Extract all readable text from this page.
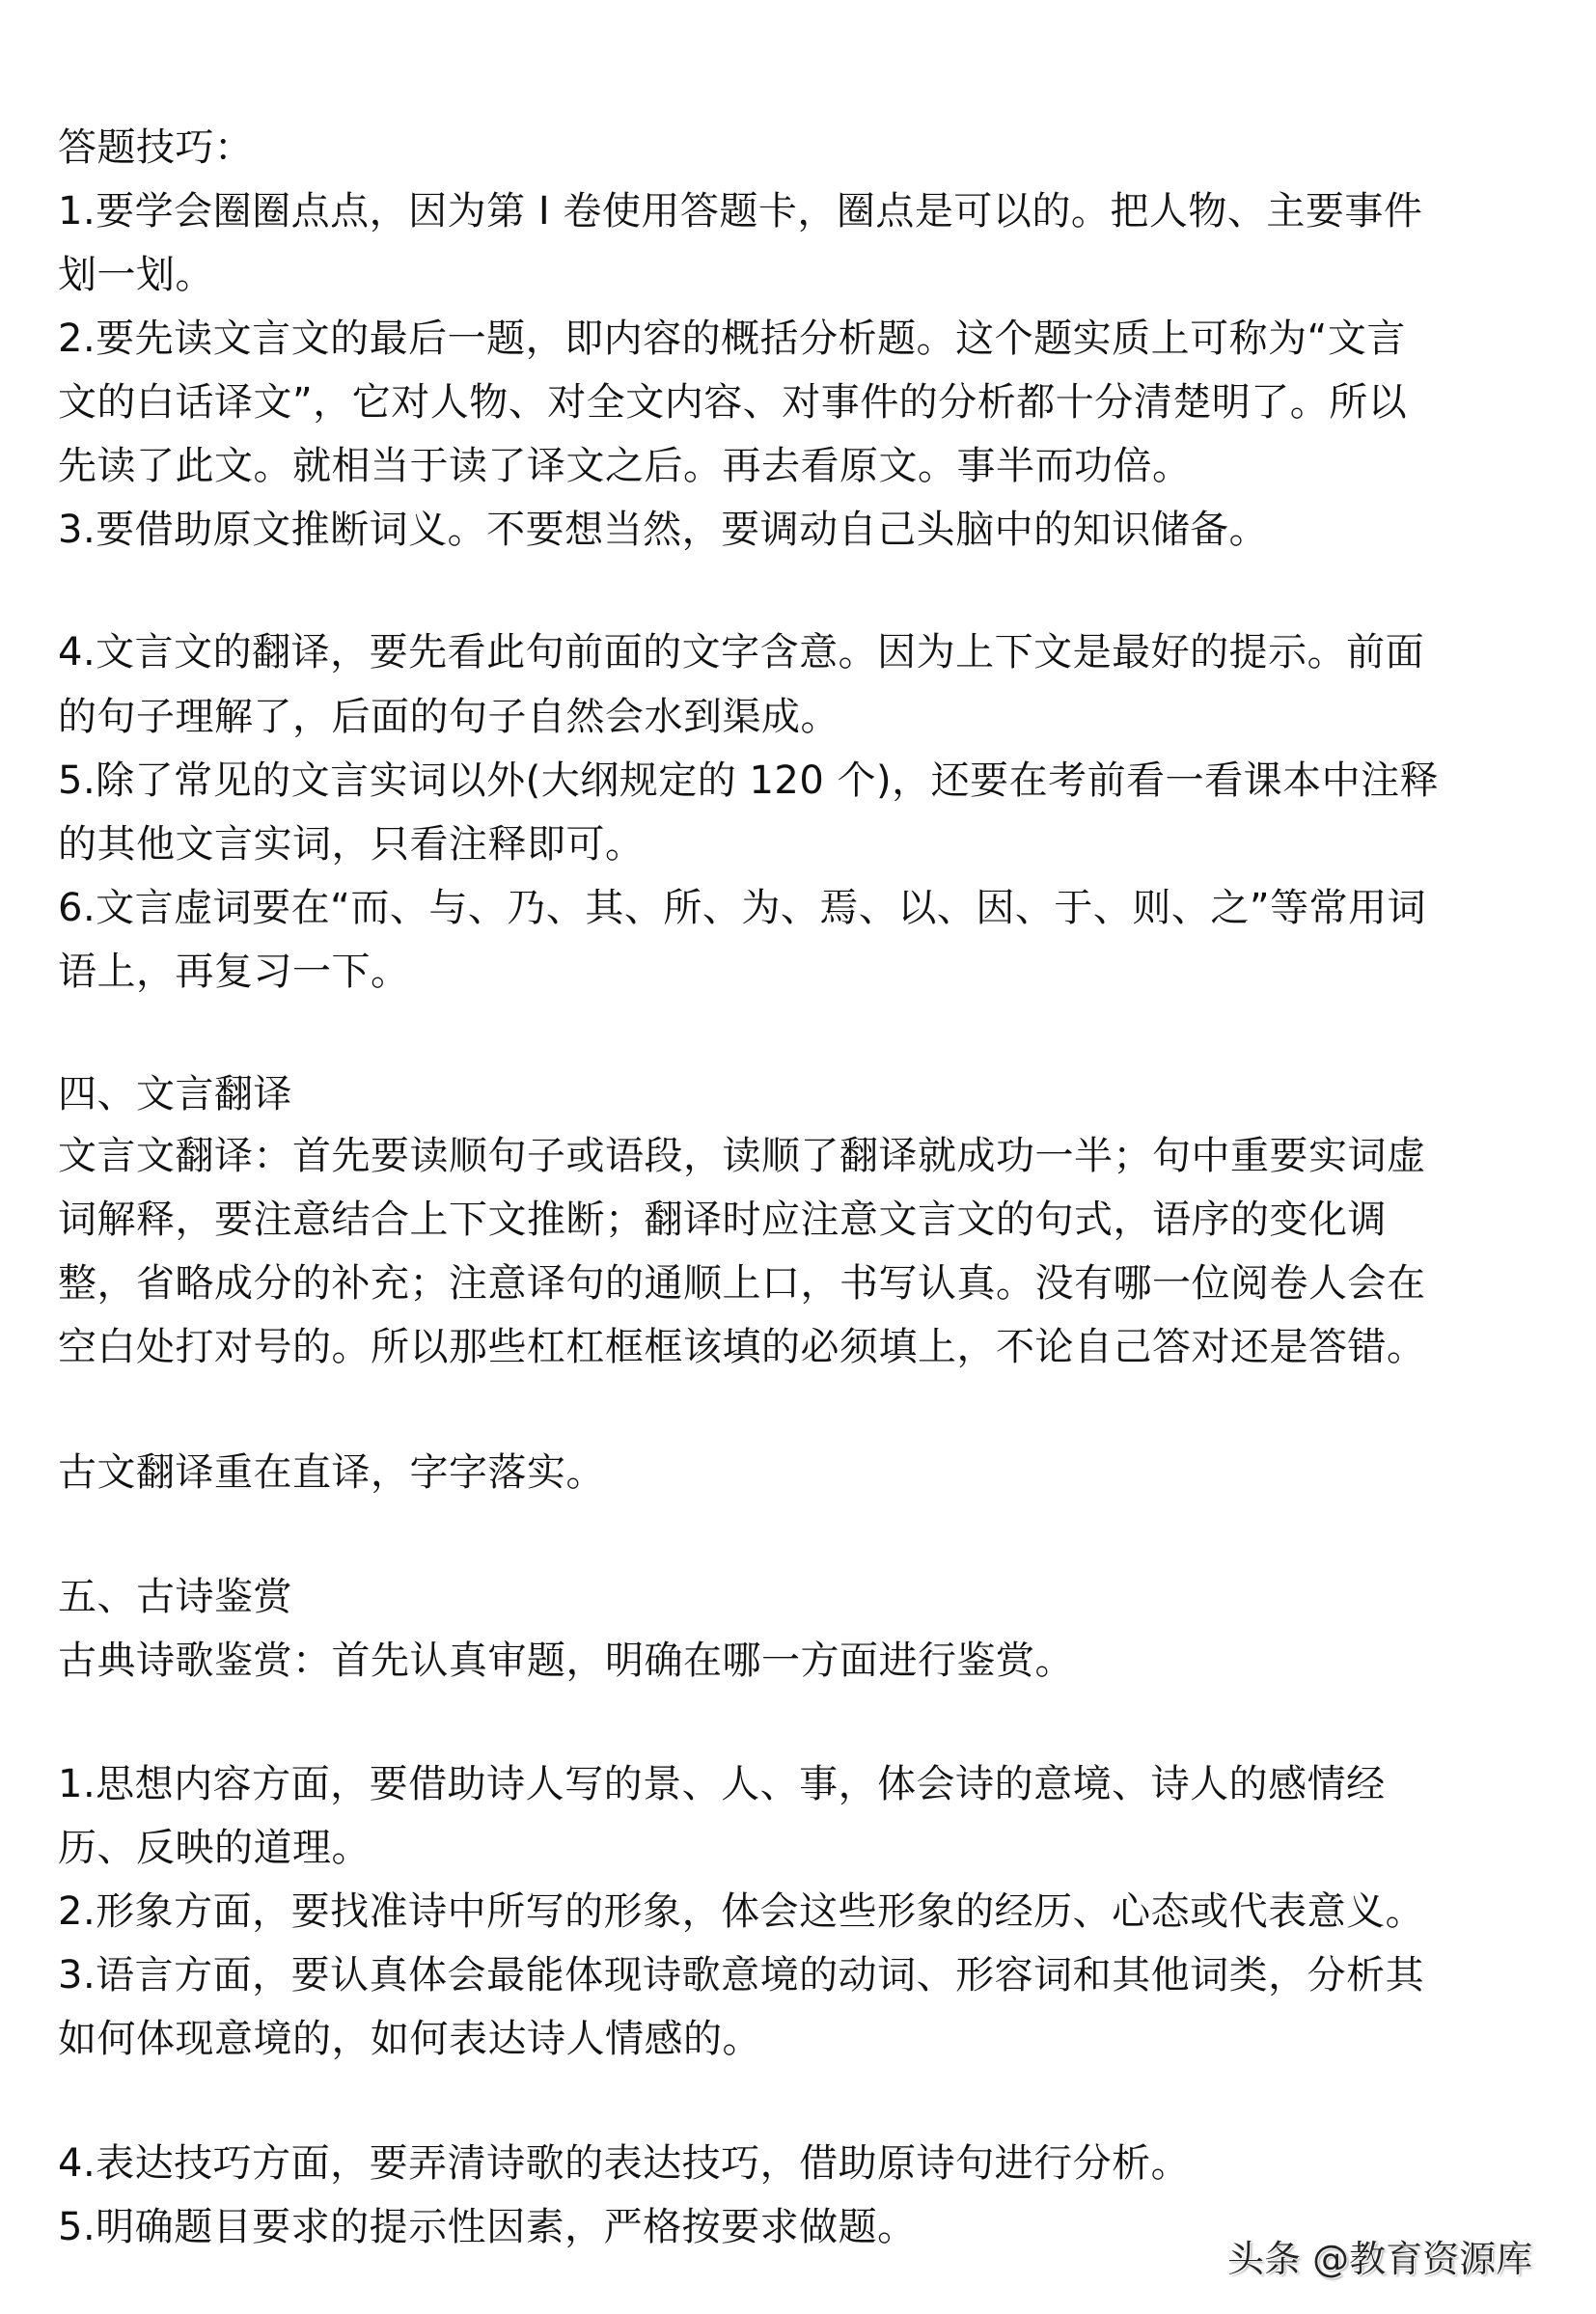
答题技巧：
1.要学会圈圈点点，因为第 I 卷使用答题卡，圈点是可以的。把人物、主要事件
划一划。
2.要先读文言文的最后一题，即内容的概括分析题。这个题实质上可称为“文言
文的白话译文”，它对人物、对全文内容、对事件的分析都十分清楚明了。所以
先读了此文。就相当于读了译文之后。再去看原文。事半而功倍。
3.要借助原文推断词义。不要想当然，要调动自己头脑中的知识储备。
4.文言文的翻译，要先看此句前面的文字含意。因为上下文是最好的提示。前面
的句子理解了，后面的句子自然会水到渠成。
5.除了常见的文言实词以外(大纲规定的 120 个)，还要在考前看一看课本中注释
的其他文言实词，只看注释即可。
6.文言虚词要在“而、与、乃、其、所、为、焉、以、因、于、则、之”等常用词
语上，再复习一下。
四、文言翻译
文言文翻译：首先要读顺句子或语段，读顺了翻译就成功一半；句中重要实词虚
词解释，要注意结合上下文推断；翻译时应注意文言文的句式，语序的变化调
整，省略成分的补充；注意译句的通顺上口，书写认真。没有哪一位阅卷人会在
空白处打对号的。所以那些杠杠框框该填的必须填上，不论自己答对还是答错。
古文翻译重在直译，字字落实。
五、古诗鉴赏
古典诗歌鉴赏：首先认真审题，明确在哪一方面进行鉴赏。
1.思想内容方面，要借助诗人写的景、人、事，体会诗的意境、诗人的感情经
历、反映的道理。
2.形象方面，要找准诗中所写的形象，体会这些形象的经历、心态或代表意义。
3.语言方面，要认真体会最能体现诗歌意境的动词、形容词和其他词类，分析其
如何体现意境的，如何表达诗人情感的。
4.表达技巧方面，要弄清诗歌的表达技巧，借助原诗句进行分析。
5.明确题目要求的提示性因素，严格按要求做题。
头条 @教育资源库
